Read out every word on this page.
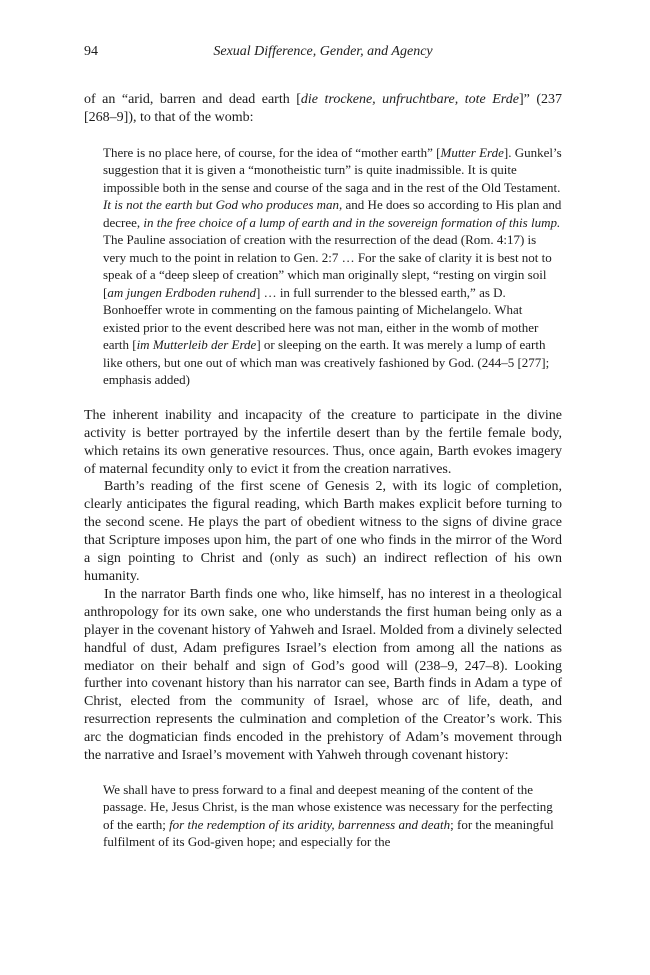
94	Sexual Difference, Gender, and Agency

of an “arid, barren and dead earth [die trockene, unfruchtbare, tote Erde]” (237 [268–9]), to that of the womb:

There is no place here, of course, for the idea of “mother earth” [Mutter Erde]. Gunkel’s suggestion that it is given a “monotheistic turn” is quite inadmissible. It is quite impossible both in the sense and course of the saga and in the rest of the Old Testament. It is not the earth but God who produces man, and He does so according to His plan and decree, in the free choice of a lump of earth and in the sovereign formation of this lump. The Pauline association of creation with the resurrection of the dead (Rom. 4:17) is very much to the point in relation to Gen. 2:7 … For the sake of clarity it is best not to speak of a “deep sleep of creation” which man originally slept, “resting on virgin soil [am jungen Erdboden ruhend] … in full surrender to the blessed earth,” as D. Bonhoeffer wrote in commenting on the famous painting of Michelangelo. What existed prior to the event described here was not man, either in the womb of mother earth [im Mutterleib der Erde] or sleeping on the earth. It was merely a lump of earth like others, but one out of which man was creatively fashioned by God. (244–5 [277]; emphasis added)

The inherent inability and incapacity of the creature to participate in the divine activity is better portrayed by the infertile desert than by the fertile female body, which retains its own generative resources. Thus, once again, Barth evokes imagery of maternal fecundity only to evict it from the creation narratives.

Barth’s reading of the first scene of Genesis 2, with its logic of completion, clearly anticipates the figural reading, which Barth makes explicit before turning to the second scene. He plays the part of obedient witness to the signs of divine grace that Scripture imposes upon him, the part of one who finds in the mirror of the Word a sign pointing to Christ and (only as such) an indirect reflection of his own humanity.

In the narrator Barth finds one who, like himself, has no interest in a theological anthropology for its own sake, one who understands the first human being only as a player in the covenant history of Yahweh and Israel. Molded from a divinely selected handful of dust, Adam prefigures Israel’s election from among all the nations as mediator on their behalf and sign of God’s good will (238–9, 247–8). Looking further into covenant history than his narrator can see, Barth finds in Adam a type of Christ, elected from the community of Israel, whose arc of life, death, and resurrection represents the culmination and completion of the Creator’s work. This arc the dogmatician finds encoded in the prehistory of Adam’s movement through the narrative and Israel’s movement with Yahweh through covenant history:

We shall have to press forward to a final and deepest meaning of the content of the passage. He, Jesus Christ, is the man whose existence was necessary for the perfecting of the earth; for the redemption of its aridity, barrenness and death; for the meaningful fulfilment of its God-given hope; and especially for the
